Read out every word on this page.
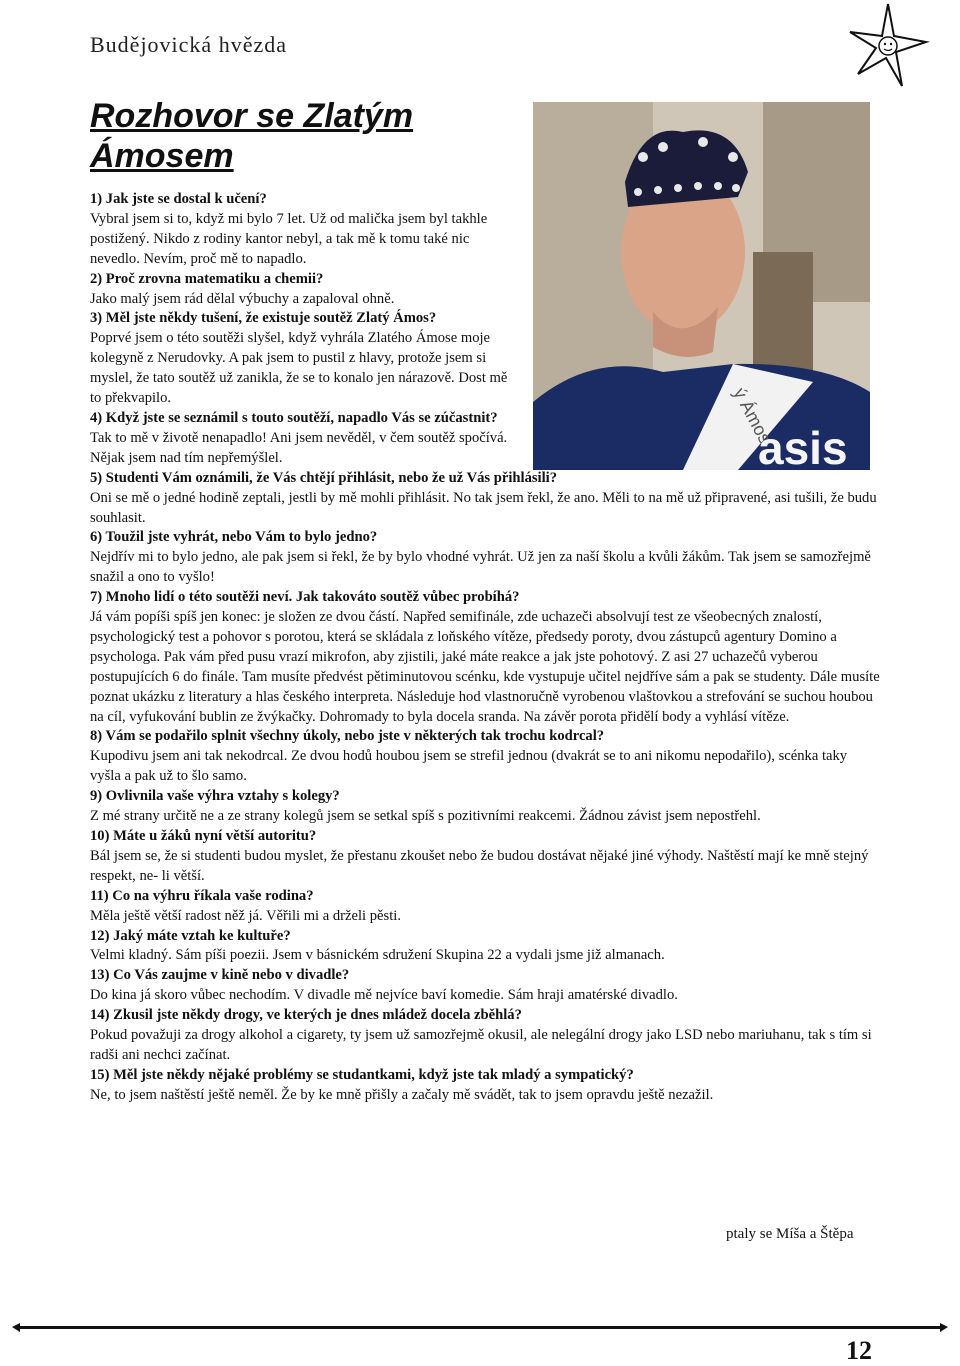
Budějovická hvězda
Rozhovor se Zlatým Ámosem
ý Ámos
asis
1) Jak jste se dostal k učení?
Vybral jsem si to, když mi bylo 7 let. Už od malička jsem byl takhle postižený. Nikdo z rodiny kantor nebyl, a tak mě k tomu také nic nevedlo. Nevím, proč mě to napadlo.
2) Proč zrovna matematiku a chemii?
Jako malý jsem rád dělal výbuchy a zapaloval ohně.
3) Měl jste někdy tušení, že existuje soutěž Zlatý Ámos?
Poprvé jsem o této soutěži slyšel, když vyhrála Zlatého Ámose moje kolegyně z Nerudovky. A pak jsem to pustil z hlavy, protože jsem si myslel, že tato soutěž už zanikla, že se to konalo jen nárazově. Dost mě to překvapilo.
4) Když jste se seznámil s touto soutěží, napadlo Vás se zúčastnit?
Tak to mě v životě nenapadlo! Ani jsem nevěděl, v čem soutěž spočívá. Nějak jsem nad tím nepřemýšlel.
5) Studenti Vám oznámili, že Vás chtějí přihlásit, nebo že už Vás přihlásili?
Oni se mě o jedné hodině zeptali, jestli by mě mohli přihlásit. No tak jsem řekl, že ano. Měli to na mě už připravené, asi tušili, že budu souhlasit.
6) Toužil jste vyhrát, nebo Vám to bylo jedno?
Nejdřív mi to bylo jedno, ale pak jsem si řekl, že by bylo vhodné vyhrát. Už jen za naší školu a kvůli žákům. Tak jsem se samozřejmě snažil a ono to vyšlo!
7) Mnoho lidí o této soutěži neví. Jak takováto soutěž vůbec probíhá?
Já vám popíši spíš jen konec: je složen ze dvou částí. Napřed semifinále, zde uchazeči absolvují test ze všeobecných znalostí, psychologický test a pohovor s porotou, která se skládala z loňského vítěze, předsedy poroty, dvou zástupců agentury Domino a psychologa. Pak vám před pusu vrazí mikrofon, aby zjistili, jaké máte reakce a jak jste pohotový. Z asi 27 uchazečů vyberou postupujících 6 do finále. Tam musíte předvést pětiminutovou scénku, kde vystupuje učitel nejdříve sám a pak se studenty. Dále musíte poznat ukázku z literatury a hlas českého interpreta. Následuje hod vlastnoručně vyrobenou vlaštovkou a strefování se suchou houbou na cíl, vyfukování bublin ze žvýkačky. Dohromady to byla docela sranda. Na závěr porota přidělí body a vyhlásí vítěze.
8) Vám se podařilo splnit všechny úkoly, nebo jste v některých tak trochu kodrcal?
Kupodivu jsem ani tak nekodrcal. Ze dvou hodů houbou jsem se strefil jednou (dvakrát se to ani nikomu nepodařilo), scénka taky vyšla a pak už to šlo samo.
9) Ovlivnila vaše výhra vztahy s kolegy?
Z mé strany určitě ne a ze strany kolegů jsem se setkal spíš s pozitivními reakcemi. Žádnou závist jsem nepostřehl.
10) Máte u žáků nyní větší autoritu?
Bál jsem se, že si studenti budou myslet, že přestanu zkoušet nebo že budou dostávat nějaké jiné výhody. Naštěstí mají ke mně stejný respekt, ne- li větší.
11) Co na výhru říkala vaše rodina?
Měla ještě větší radost něž já. Věřili mi a drželi pěsti.
12) Jaký máte vztah ke kultuře?
Velmi kladný. Sám píši poezii. Jsem v básnickém sdružení Skupina 22 a vydali jsme již almanach.
13) Co Vás zaujme v kině nebo v divadle?
Do kina já skoro vůbec nechodím. V divadle mě nejvíce baví komedie. Sám hraji amatérské divadlo.
14) Zkusil jste někdy drogy, ve kterých je dnes mládež docela zběhlá?
Pokud považuji za drogy alkohol a cigarety, ty jsem už samozřejmě okusil, ale nelegální drogy jako LSD nebo mariuhanu, tak s tím si radši ani nechci začínat.
15) Měl jste někdy nějaké problémy se studantkami, když jste tak mladý a sympatický?
Ne, to jsem naštěstí ještě neměl. Že by ke mně přišly a začaly mě svádět, tak to jsem opravdu ještě nezažil.
ptaly se Míša a Štěpa
12
